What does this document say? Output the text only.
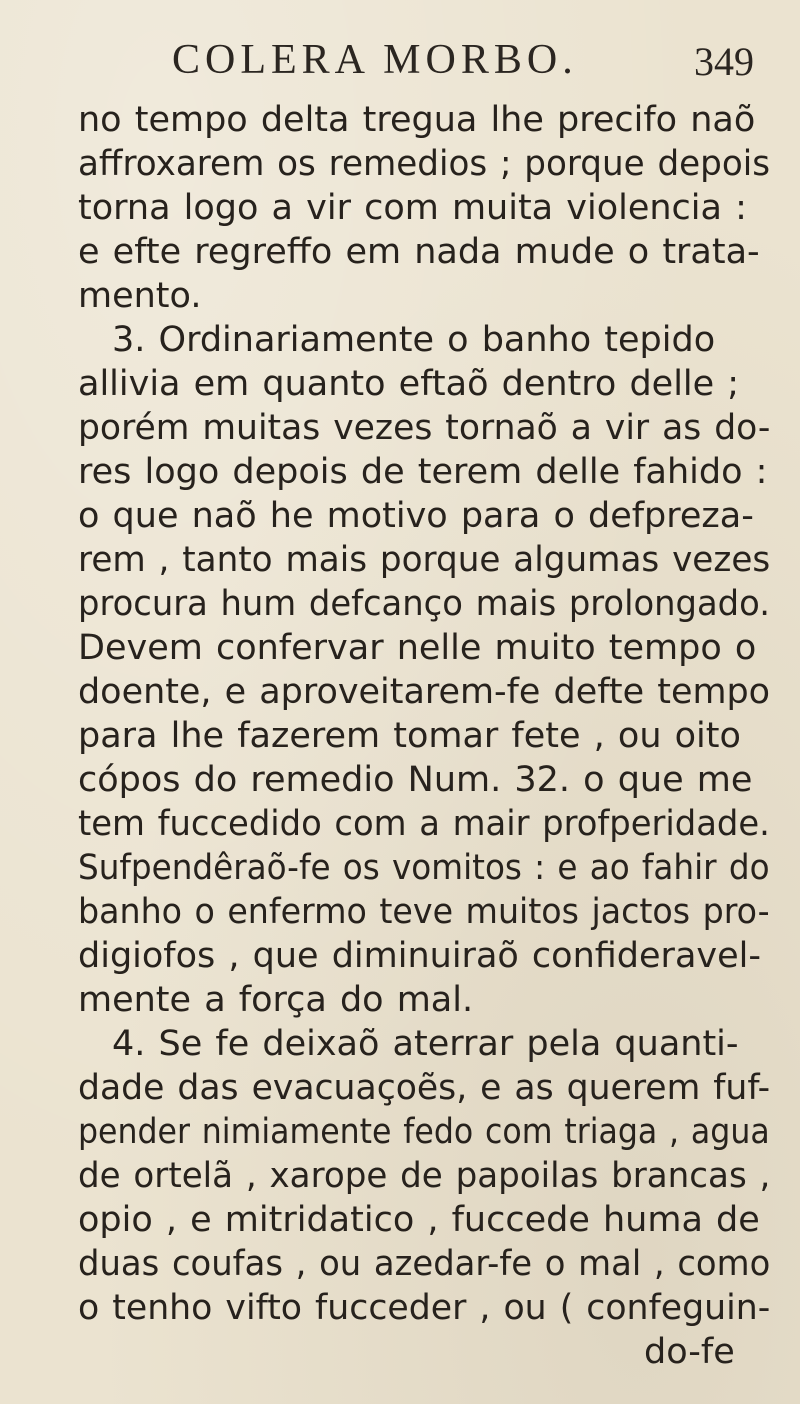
COLERA MORBO.	349
no tempo delta tregua lhe precifo naõ
affroxarem os remedios ; porque depois
torna logo a vir com muita violencia :
e efte regreffo em nada mude o trata-
mento.
3. Ordinariamente o banho tepido
allivia em quanto eftaõ dentro delle ;
porém muitas vezes tornaõ a vir as do-
res logo depois de terem delle fahido :
o que naõ he motivo para o defpreza-
rem , tanto mais porque algumas vezes
procura hum defcanço mais prolongado.
Devem confervar nelle muito tempo o
doente, e aproveitarem-fe defte tempo
para lhe fazerem tomar fete , ou oito
cópos do remedio Num. 32. o que me
tem fuccedido com a mair profperidade.
Sufpendêraõ-fe os vomitos : e ao fahir do
banho o enfermo teve muitos jactos pro-
digiofos , que diminuiraõ confideravel-
mente a força do mal.
4. Se fe deixaõ aterrar pela quanti-
dade das evacuaçoẽs, e as querem fuf-
pender nimiamente fedo com triaga , agua
de ortelã , xarope de papoilas brancas ,
opio , e mitridatico , fuccede huma de
duas coufas , ou azedar-fe o mal , como
o tenho vifto fucceder , ou ( confeguin-
do-fe
